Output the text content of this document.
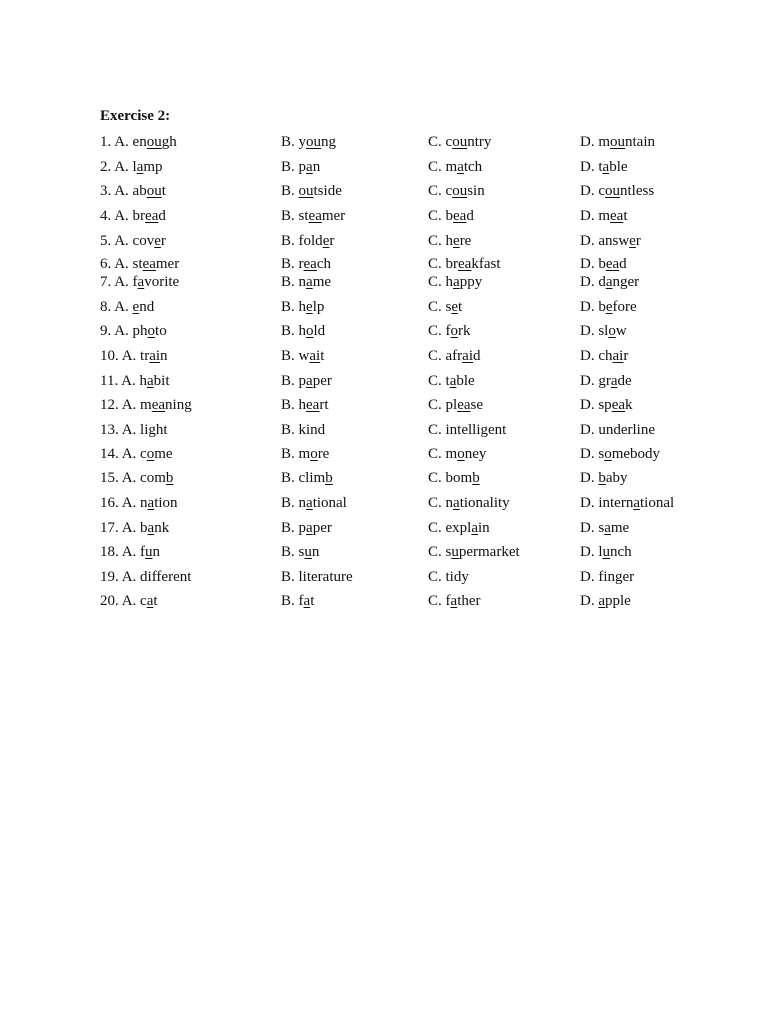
Exercise 2:
1. A. enough	B. young	C. country	D. mountain
2. A. lamp	B. pan	C. match	D. table
3. A. about	B. outside	C. cousin	D. countless
4. A. bread	B. steamer	C. bead	D. meat
5. A. cover	B. folder	C. here	D. answer
6. A. steamer	B. reach	C. breakfast	D. bead
7. A. favorite	B. name	C. happy	D. danger
8. A. end	B. help	C. set	D. before
9. A. photo	B. hold	C. fork	D. slow
10. A. train	B. wait	C. afraid	D. chair
11. A. habit	B. paper	C. table	D. grade
12. A. meaning	B. heart	C. please	D. speak
13. A. light	B. kind	C. intelligent	D. underline
14. A. come	B. more	C. money	D. somebody
15. A. comb	B. climb	C. bomb	D. baby
16. A. nation	B. national	C. nationality	D. international
17. A. bank	B. paper	C. explain	D. same
18. A. fun	B. sun	C. supermarket	D. lunch
19. A. different	B. literature	C. tidy	D. finger
20. A. cat	B. fat	C. father	D. apple
